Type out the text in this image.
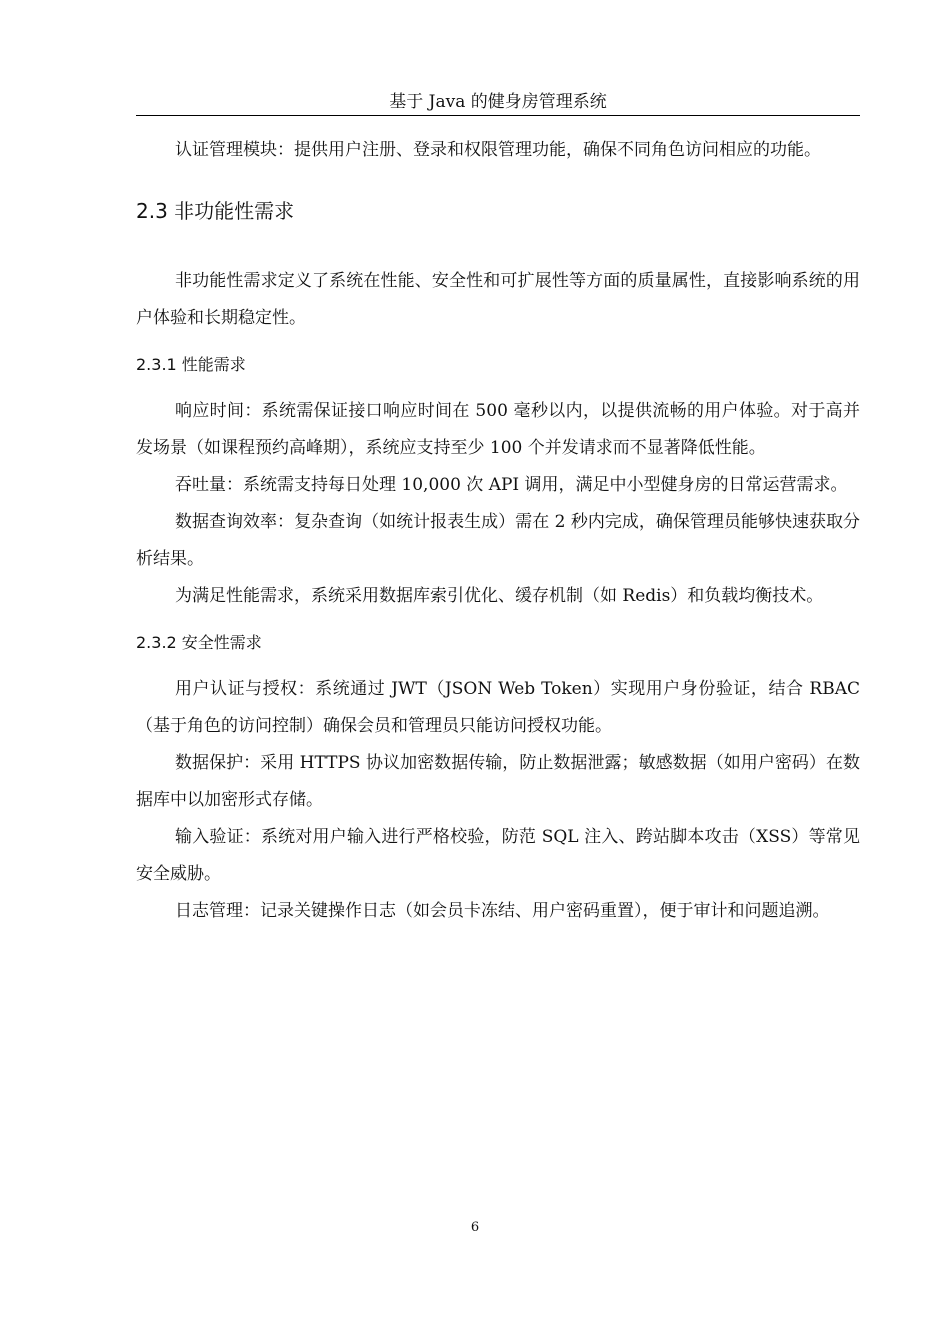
基于 Java 的健身房管理系统

认证管理模块：提供用户注册、登录和权限管理功能，确保不同角色访问相应的功能。

2.3 非功能性需求

非功能性需求定义了系统在性能、安全性和可扩展性等方面的质量属性，直接影响系统的用户体验和长期稳定性。

2.3.1 性能需求

响应时间：系统需保证接口响应时间在 500 毫秒以内，以提供流畅的用户体验。对于高并发场景（如课程预约高峰期），系统应支持至少 100 个并发请求而不显著降低性能。

吞吐量：系统需支持每日处理 10,000 次 API 调用，满足中小型健身房的日常运营需求。

数据查询效率：复杂查询（如统计报表生成）需在 2 秒内完成，确保管理员能够快速获取分析结果。

为满足性能需求，系统采用数据库索引优化、缓存机制（如 Redis）和负载均衡技术。

2.3.2 安全性需求

用户认证与授权：系统通过 JWT（JSON Web Token）实现用户身份验证，结合 RBAC（基于角色的访问控制）确保会员和管理员只能访问授权功能。

数据保护：采用 HTTPS 协议加密数据传输，防止数据泄露；敏感数据（如用户密码）在数据库中以加密形式存储。

输入验证：系统对用户输入进行严格校验，防范 SQL 注入、跨站脚本攻击（XSS）等常见安全威胁。

日志管理：记录关键操作日志（如会员卡冻结、用户密码重置），便于审计和问题追溯。

6
